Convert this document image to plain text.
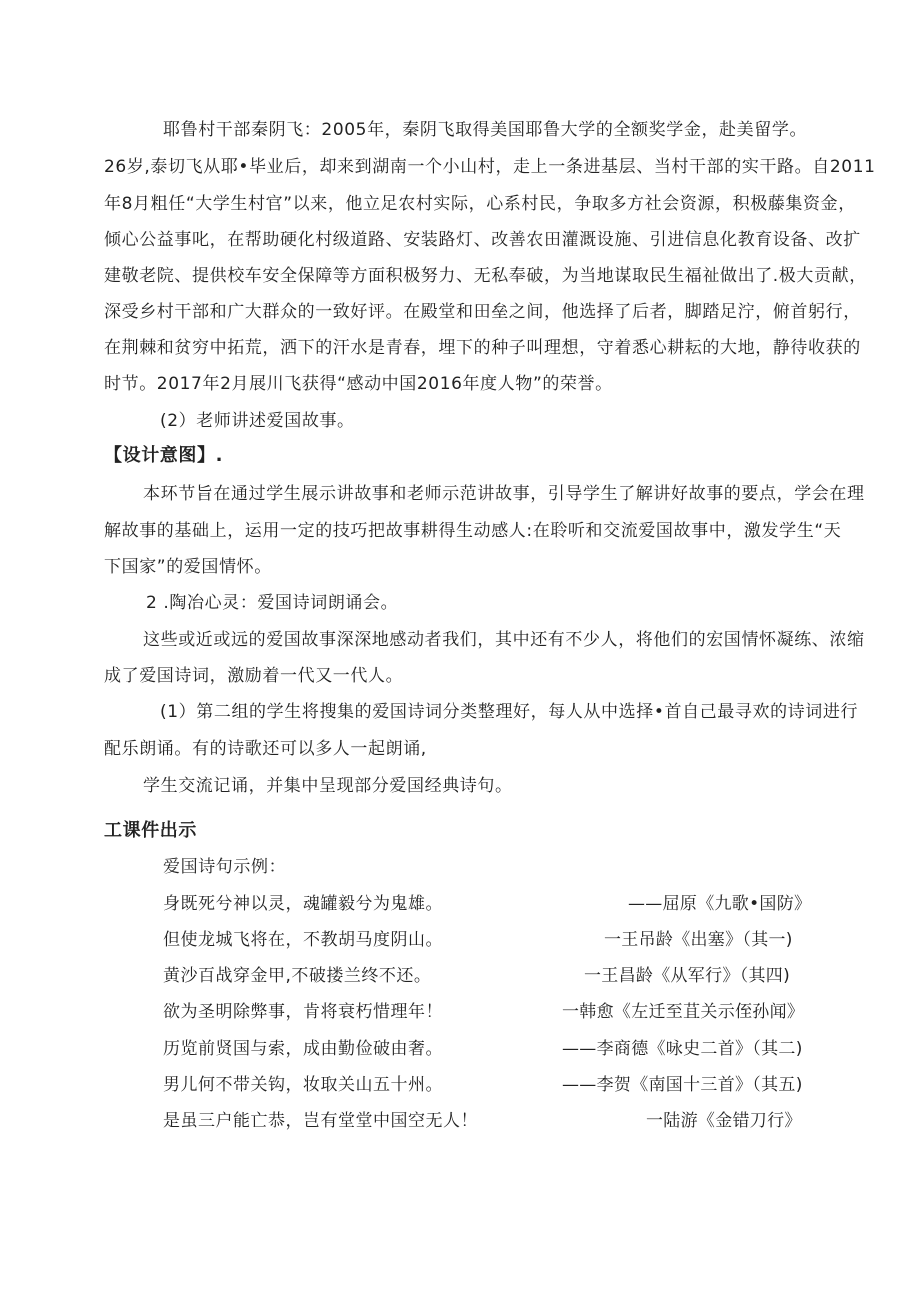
耶鲁村干部秦阴飞：2005年，秦阴飞取得美国耶鲁大学的全额奖学金，赴美留学。
26岁,泰切飞从耶•毕业后，却来到湖南一个小山村，走上一条进基层、当村干部的实干路。自2011
年8月粗任“大学生村官”以来，他立足农村实际，心系村民，争取多方社会资源，积极藤集资金，
倾心公益事叱，在帮助硬化村级道路、安装路灯、改善农田灌溉设施、引进信息化教育设备、改扩
建敬老院、提供校车安全保障等方面积极努力、无私奉破，为当地谋取民生福祉做出了.极大贡献，
深受乡村干部和广大群众的一致好评。在殿堂和田垒之间，他选择了后者，脚踏足泞，俯首躬行，
在荆棘和贫穷中拓荒，洒下的汗水是青春，埋下的种子叫理想，守着悉心耕耘的大地，静待收获的
时节。2017年2月展川飞获得“感动中国2016年度人物”的荣誉。
(2）老师讲述爱国故事。
【设计意图】.
本环节旨在通过学生展示讲故事和老师示范讲故事，引导学生了解讲好故事的要点，学会在理
解故事的基础上，运用一定的技巧把故事耕得生动感人:在聆听和交流爱国故事中，激发学生“天
下国家”的爱国情怀。
2 .陶冶心灵：爱国诗词朗诵会。
这些或近或远的爱国故事深深地感动者我们，其中还有不少人，将他们的宏国情怀凝练、浓缩
成了爱国诗词，激励着一代又一代人。
(1）第二组的学生将搜集的爱国诗词分类整理好，每人从中选择•首自己最寻欢的诗词进行
配乐朗诵。有的诗歌还可以多人一起朗诵,
学生交流记诵，并集中呈现部分爱国经典诗句。
工课件出示
爱国诗句示例：
身既死兮神以灵，魂罐毅兮为鬼雄。	——屈原《九歌•国防》
但使龙城飞将在，不教胡马度阴山。	一王吊龄《出塞》（其一)
黄沙百战穿金甲,不破搂兰终不还。	一王昌龄《从军行》（其四)
欲为圣明除弊事，肯将衰朽惜理年！	一韩愈《左迁至苴关示侄孙闻》
历览前贤国与索，成由勤俭破由奢。	——李商德《咏史二首》（其二)
男儿何不带关钩，妆取关山五十州。	——李贺《南国十三首》（其五)
是虽三户能亡恭，岂有堂堂中国空无人！	一陆游《金错刀行》
